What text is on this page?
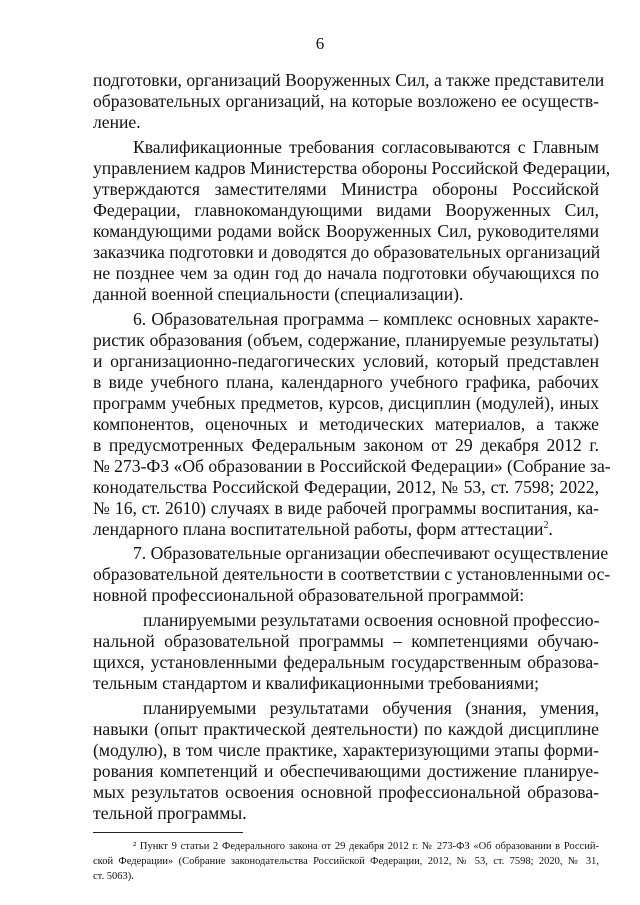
6
подготовки, организаций Вооруженных Сил, а также представители
образовательных организаций, на которые возложено ее осуществ-
ление.
Квалификационные требования согласовываются с Главным
управлением кадров Министерства обороны Российской Федерации,
утверждаются заместителями Министра обороны Российской
Федерации, главнокомандующими видами Вооруженных Сил,
командующими родами войск Вооруженных Сил, руководителями
заказчика подготовки и доводятся до образовательных организаций
не позднее чем за один год до начала подготовки обучающихся по
данной военной специальности (специализации).
6. Образовательная программа – комплекс основных характе-
ристик образования (объем, содержание, планируемые результаты)
и организационно-педагогических условий, который представлен
в виде учебного плана, календарного учебного графика, рабочих
программ учебных предметов, курсов, дисциплин (модулей), иных
компонентов, оценочных и методических материалов, а также
в предусмотренных Федеральным законом от 29 декабря 2012 г.
№ 273-ФЗ «Об образовании в Российской Федерации» (Собрание за-
конодательства Российской Федерации, 2012, № 53, ст. 7598; 2022,
№ 16, ст. 2610) случаях в виде рабочей программы воспитания, ка-
лендарного плана воспитательной работы, форм аттестации$^2$.
7. Образовательные организации обеспечивают осуществление
образовательной деятельности в соответствии с установленными ос-
новной профессиональной образовательной программой:
планируемыми результатами освоения основной профессио-
нальной образовательной программы – компетенциями обучаю-
щихся, установленными федеральным государственным образова-
тельным стандартом и квалификационными требованиями;
планируемыми результатами обучения (знания, умения,
навыки (опыт практической деятельности) по каждой дисциплине
(модулю), в том числе практике, характеризующими этапы форми-
рования компетенций и обеспечивающими достижение планируе-
мых результатов освоения основной профессиональной образова-
тельной программы.
² Пункт 9 статьи 2 Федерального закона от 29 декабря 2012 г. № 273-ФЗ «Об образовании в Россий-
ской Федерации» (Собрание законодательства Российской Федерации, 2012, № 53, ст. 7598; 2020, № 31,
ст. 5063).
